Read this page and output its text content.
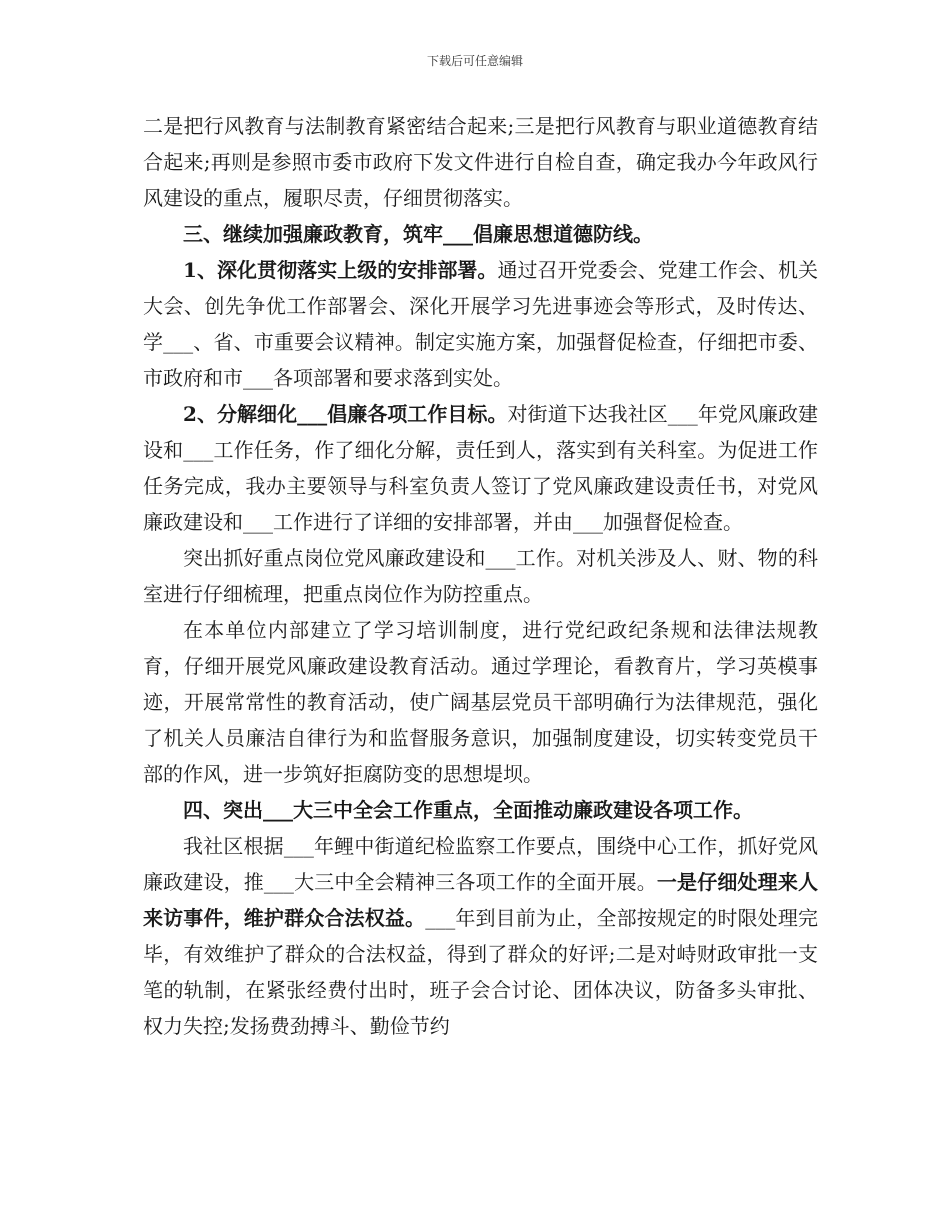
下载后可任意编辑

二是把行风教育与法制教育紧密结合起来;三是把行风教育与职业道德教育结合起来;再则是参照市委市政府下发文件进行自检自查，确定我办今年政风行风建设的重点，履职尽责，仔细贯彻落实。

三、继续加强廉政教育，筑牢___倡廉思想道德防线。

1、深化贯彻落实上级的安排部署。通过召开党委会、党建工作会、机关大会、创先争优工作部署会、深化开展学习先进事迹会等形式，及时传达、学___、省、市重要会议精神。制定实施方案，加强督促检查，仔细把市委、市政府和市___各项部署和要求落到实处。

2、分解细化___倡廉各项工作目标。对街道下达我社区___年党风廉政建设和___工作任务，作了细化分解，责任到人，落实到有关科室。为促进工作任务完成，我办主要领导与科室负责人签订了党风廉政建设责任书，对党风廉政建设和___工作进行了详细的安排部署，并由___加强督促检查。

突出抓好重点岗位党风廉政建设和___工作。对机关涉及人、财、物的科室进行仔细梳理，把重点岗位作为防控重点。

在本单位内部建立了学习培训制度，进行党纪政纪条规和法律法规教育，仔细开展党风廉政建设教育活动。通过学理论，看教育片，学习英模事迹，开展常常性的教育活动，使广阔基层党员干部明确行为法律规范，强化了机关人员廉洁自律行为和监督服务意识，加强制度建设，切实转变党员干部的作风，进一步筑好拒腐防变的思想堤坝。

四、突出___大三中全会工作重点，全面推动廉政建设各项工作。

我社区根据___年鲤中街道纪检监察工作要点，围绕中心工作，抓好党风廉政建设，推___大三中全会精神三各项工作的全面开展。一是仔细处理来人来访事件，维护群众合法权益。___年到目前为止，全部按规定的时限处理完毕，有效维护了群众的合法权益，得到了群众的好评;二是对峙财政审批一支笔的轨制，在紧张经费付出时，班子会合讨论、团体决议，防备多头审批、权力失控;发扬费劲搏斗、勤俭节约
